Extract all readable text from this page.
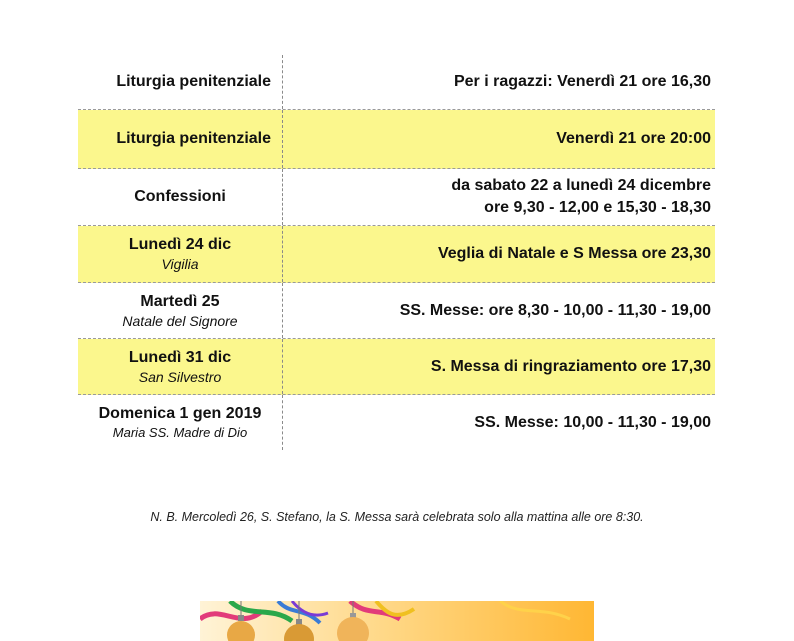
Liturgia penitenziale	Per i ragazzi: Venerdì 21 ore 16,30
Liturgia penitenziale	Venerdì 21 ore 20:00
Confessioni
da sabato 22 a lunedì 24 dicembre
ore 9,30 - 12,00 e 15,30 - 18,30
Lunedì 24 dic
Vigilia
Veglia di Natale e S Messa ore 23,30
Martedì 25
Natale del Signore
SS. Messe: ore 8,30 - 10,00 - 11,30 - 19,00
Lunedì 31 dic
San Silvestro
S. Messa di ringraziamento ore 17,30
Domenica 1 gen 2019
Maria SS. Madre di Dio
SS. Messe: 10,00 - 11,30 - 19,00
N. B. Mercoledì 26, S. Stefano, la S. Messa sarà celebrata solo alla mattina alle ore 8:30.
